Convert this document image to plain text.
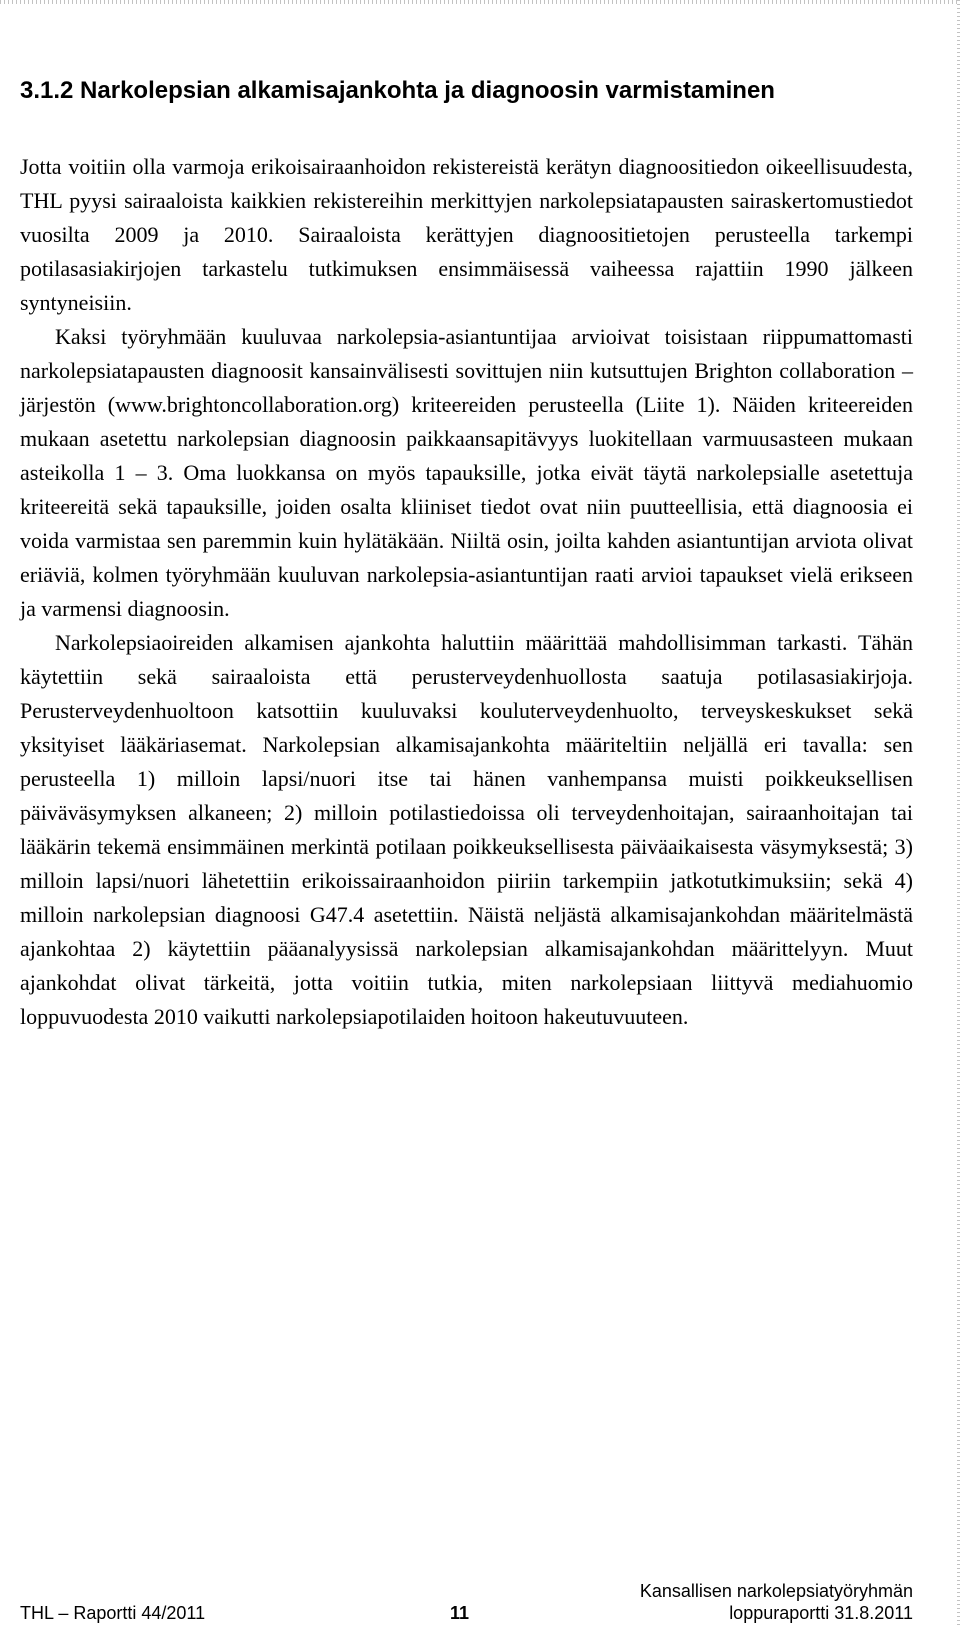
3.1.2 Narkolepsian alkamisajankohta ja diagnoosin varmistaminen

Jotta voitiin olla varmoja erikoisairaanhoidon rekistereistä kerätyn diagnoositiedon oikeellisuudesta, THL pyysi sairaaloista kaikkien rekistereihin merkittyjen narkolepsiatapausten sairaskertomustiedot vuosilta 2009 ja 2010. Sairaaloista kerättyjen diagnoositietojen perusteella tarkempi potilasasiakirjojen tarkastelu tutkimuksen ensimmäisessä vaiheessa rajattiin 1990 jälkeen syntyneisiin.

Kaksi työryhmään kuuluvaa narkolepsia-asiantuntijaa arvioivat toisistaan riippumattomasti narkolepsiatapausten diagnoosit kansainvälisesti sovittujen niin kutsuttujen Brighton collaboration –järjestön (www.brightoncollaboration.org) kriteereiden perusteella (Liite 1). Näiden kriteereiden mukaan asetettu narkolepsian diagnoosin paikkaansapitävyys luokitellaan varmuusasteen mukaan asteikolla 1 – 3. Oma luokkansa on myös tapauksille, jotka eivät täytä narkolepsialle asetettuja kriteereitä sekä tapauksille, joiden osalta kliiniset tiedot ovat niin puutteellisia, että diagnoosia ei voida varmistaa sen paremmin kuin hylätäkään. Niiltä osin, joilta kahden asiantuntijan arviota olivat eriäviä, kolmen työryhmään kuuluvan narkolepsia-asiantuntijan raati arvioi tapaukset vielä erikseen ja varmensi diagnoosin.

Narkolepsiaoireiden alkamisen ajankohta haluttiin määrittää mahdollisimman tarkasti. Tähän käytettiin sekä sairaaloista että perusterveydenhuollosta saatuja potilasasiakirjoja. Perusterveydenhuoltoon katsottiin kuuluvaksi kouluterveydenhuolto, terveyskeskukset sekä yksityiset lääkäriasemat. Narkolepsian alkamisajankohta määriteltiin neljällä eri tavalla: sen perusteella 1) milloin lapsi/nuori itse tai hänen vanhempansa muisti poikkeuksellisen päiväväsymyksen alkaneen; 2) milloin potilastiedoissa oli terveydenhoitajan, sairaanhoitajan tai lääkärin tekemä ensimmäinen merkintä potilaan poikkeuksellisesta päiväaikaisesta väsymyksestä; 3) milloin lapsi/nuori lähetettiin erikoissairaanhoidon piiriin tarkempiin jatkotutkimuksiin; sekä 4) milloin narkolepsian diagnoosi G47.4 asetettiin. Näistä neljästä alkamisajankohdan määritelmästä ajankohtaa 2) käytettiin pääanalyysissä narkolepsian alkamisajankohdan määrittelyyn. Muut ajankohdat olivat tärkeitä, jotta voitiin tutkia, miten narkolepsiaan liittyvä mediahuomio loppuvuodesta 2010 vaikutti narkolepsiapotilaiden hoitoon hakeutuvuuteen.

THL – Raportti 44/2011	11
Kansallisen narkolepsiatyöryhmän
loppuraportti 31.8.2011
